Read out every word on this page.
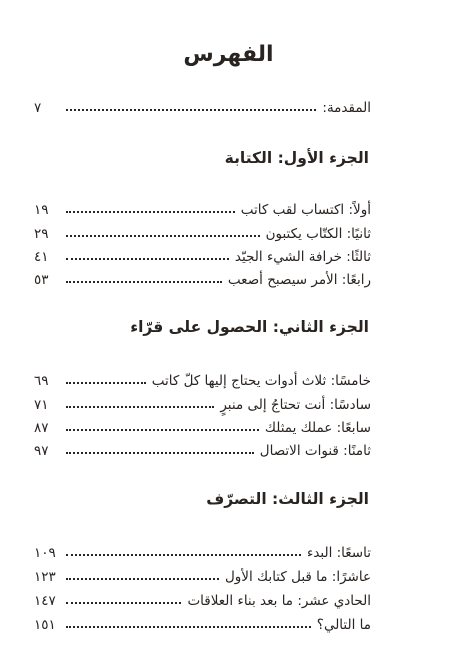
الفهرس
المقدمة:
٧
الجزء الأول: الكتابة
أولاً: اكتساب لقب كاتب
١٩
ثانيًا: الكتّاب يكتبون
٢٩
ثالثًا: خرافة الشيء الجيّد
٤١
رابعًا: الأمر سيصبح أصعب
٥٣
الجزء الثاني: الحصول على قرّاء
خامسًا: ثلاث أدوات يحتاج إليها كلّ كاتب
٦٩
سادسًا: أنت تحتاجُ إلى منبرٍ
٧١
سابعًا: عملك يمثلك
٨٧
ثامنًا: قنوات الاتصال
٩٧
الجزء الثالث: التصرّف
تاسعًا: البدء
١٠٩
عاشرًا: ما قبل كتابك الأول
١٢٣
الحادي عشر: ما بعد بناء العلاقات
١٤٧
ما التالي؟
١٥١
